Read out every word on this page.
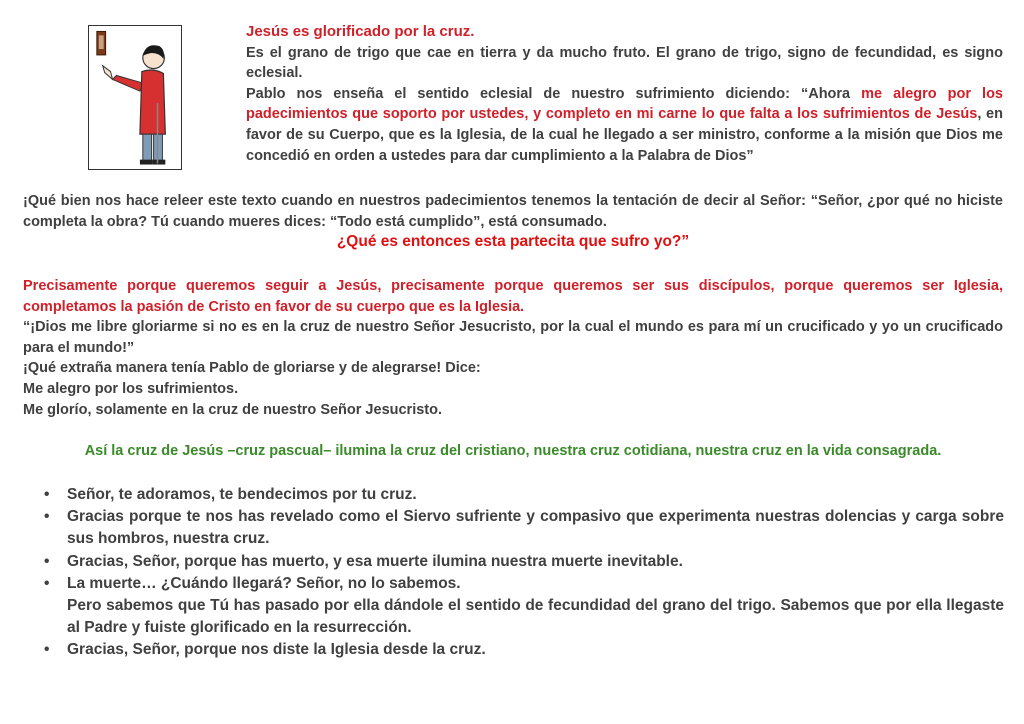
Jesús es glorificado por la cruz.

Es el grano de trigo que cae en tierra y da mucho fruto. El grano de trigo, signo de fecundidad, es signo eclesial.

Pablo nos enseña el sentido eclesial de nuestro sufrimiento diciendo: “Ahora me alegro por los padecimientos que soporto por ustedes, y completo en mi carne lo que falta a los sufrimientos de Jesús, en favor de su Cuerpo, que es la Iglesia, de la cual he llegado a ser ministro, conforme a la misión que Dios me concedió en orden a ustedes para dar cumplimiento a la Palabra de Dios”

¡Qué bien nos hace releer este texto cuando en nuestros padecimientos tenemos la tentación de decir al Señor: “Señor, ¿por qué no hiciste completa la obra? Tú cuando mueres dices: “Todo está cumplido”, está consumado.

¿Qué es entonces esta partecita que sufro yo?”

Precisamente porque queremos seguir a Jesús, precisamente porque queremos ser sus discípulos, porque queremos ser Iglesia, completamos la pasión de Cristo en favor de su cuerpo que es la Iglesia.

“¡Dios me libre gloriarme si no es en la cruz de nuestro Señor Jesucristo, por la cual el mundo es para mí un crucificado y yo un crucificado para el mundo!”

¡Qué extraña manera tenía Pablo de gloriarse y de alegrarse! Dice:

Me alegro por los sufrimientos.

Me glorío, solamente en la cruz de nuestro Señor Jesucristo.

Así la cruz de Jesús –cruz pascual– ilumina la cruz del cristiano, nuestra cruz cotidiana, nuestra cruz en la vida consagrada.
• Señor, te adoramos, te bendecimos por tu cruz.
• Gracias porque te nos has revelado como el Siervo sufriente y compasivo que experimenta nuestras dolencias y carga sobre sus hombros, nuestra cruz.
• Gracias, Señor, porque has muerto, y esa muerte ilumina nuestra muerte inevitable.
• La muerte… ¿Cuándo llegará? Señor, no lo sabemos.
Pero sabemos que Tú has pasado por ella dándole el sentido de fecundidad del grano del trigo. Sabemos que por ella llegaste al Padre y fuiste glorificado en la resurrección.
• Gracias, Señor, porque nos diste la Iglesia desde la cruz.
